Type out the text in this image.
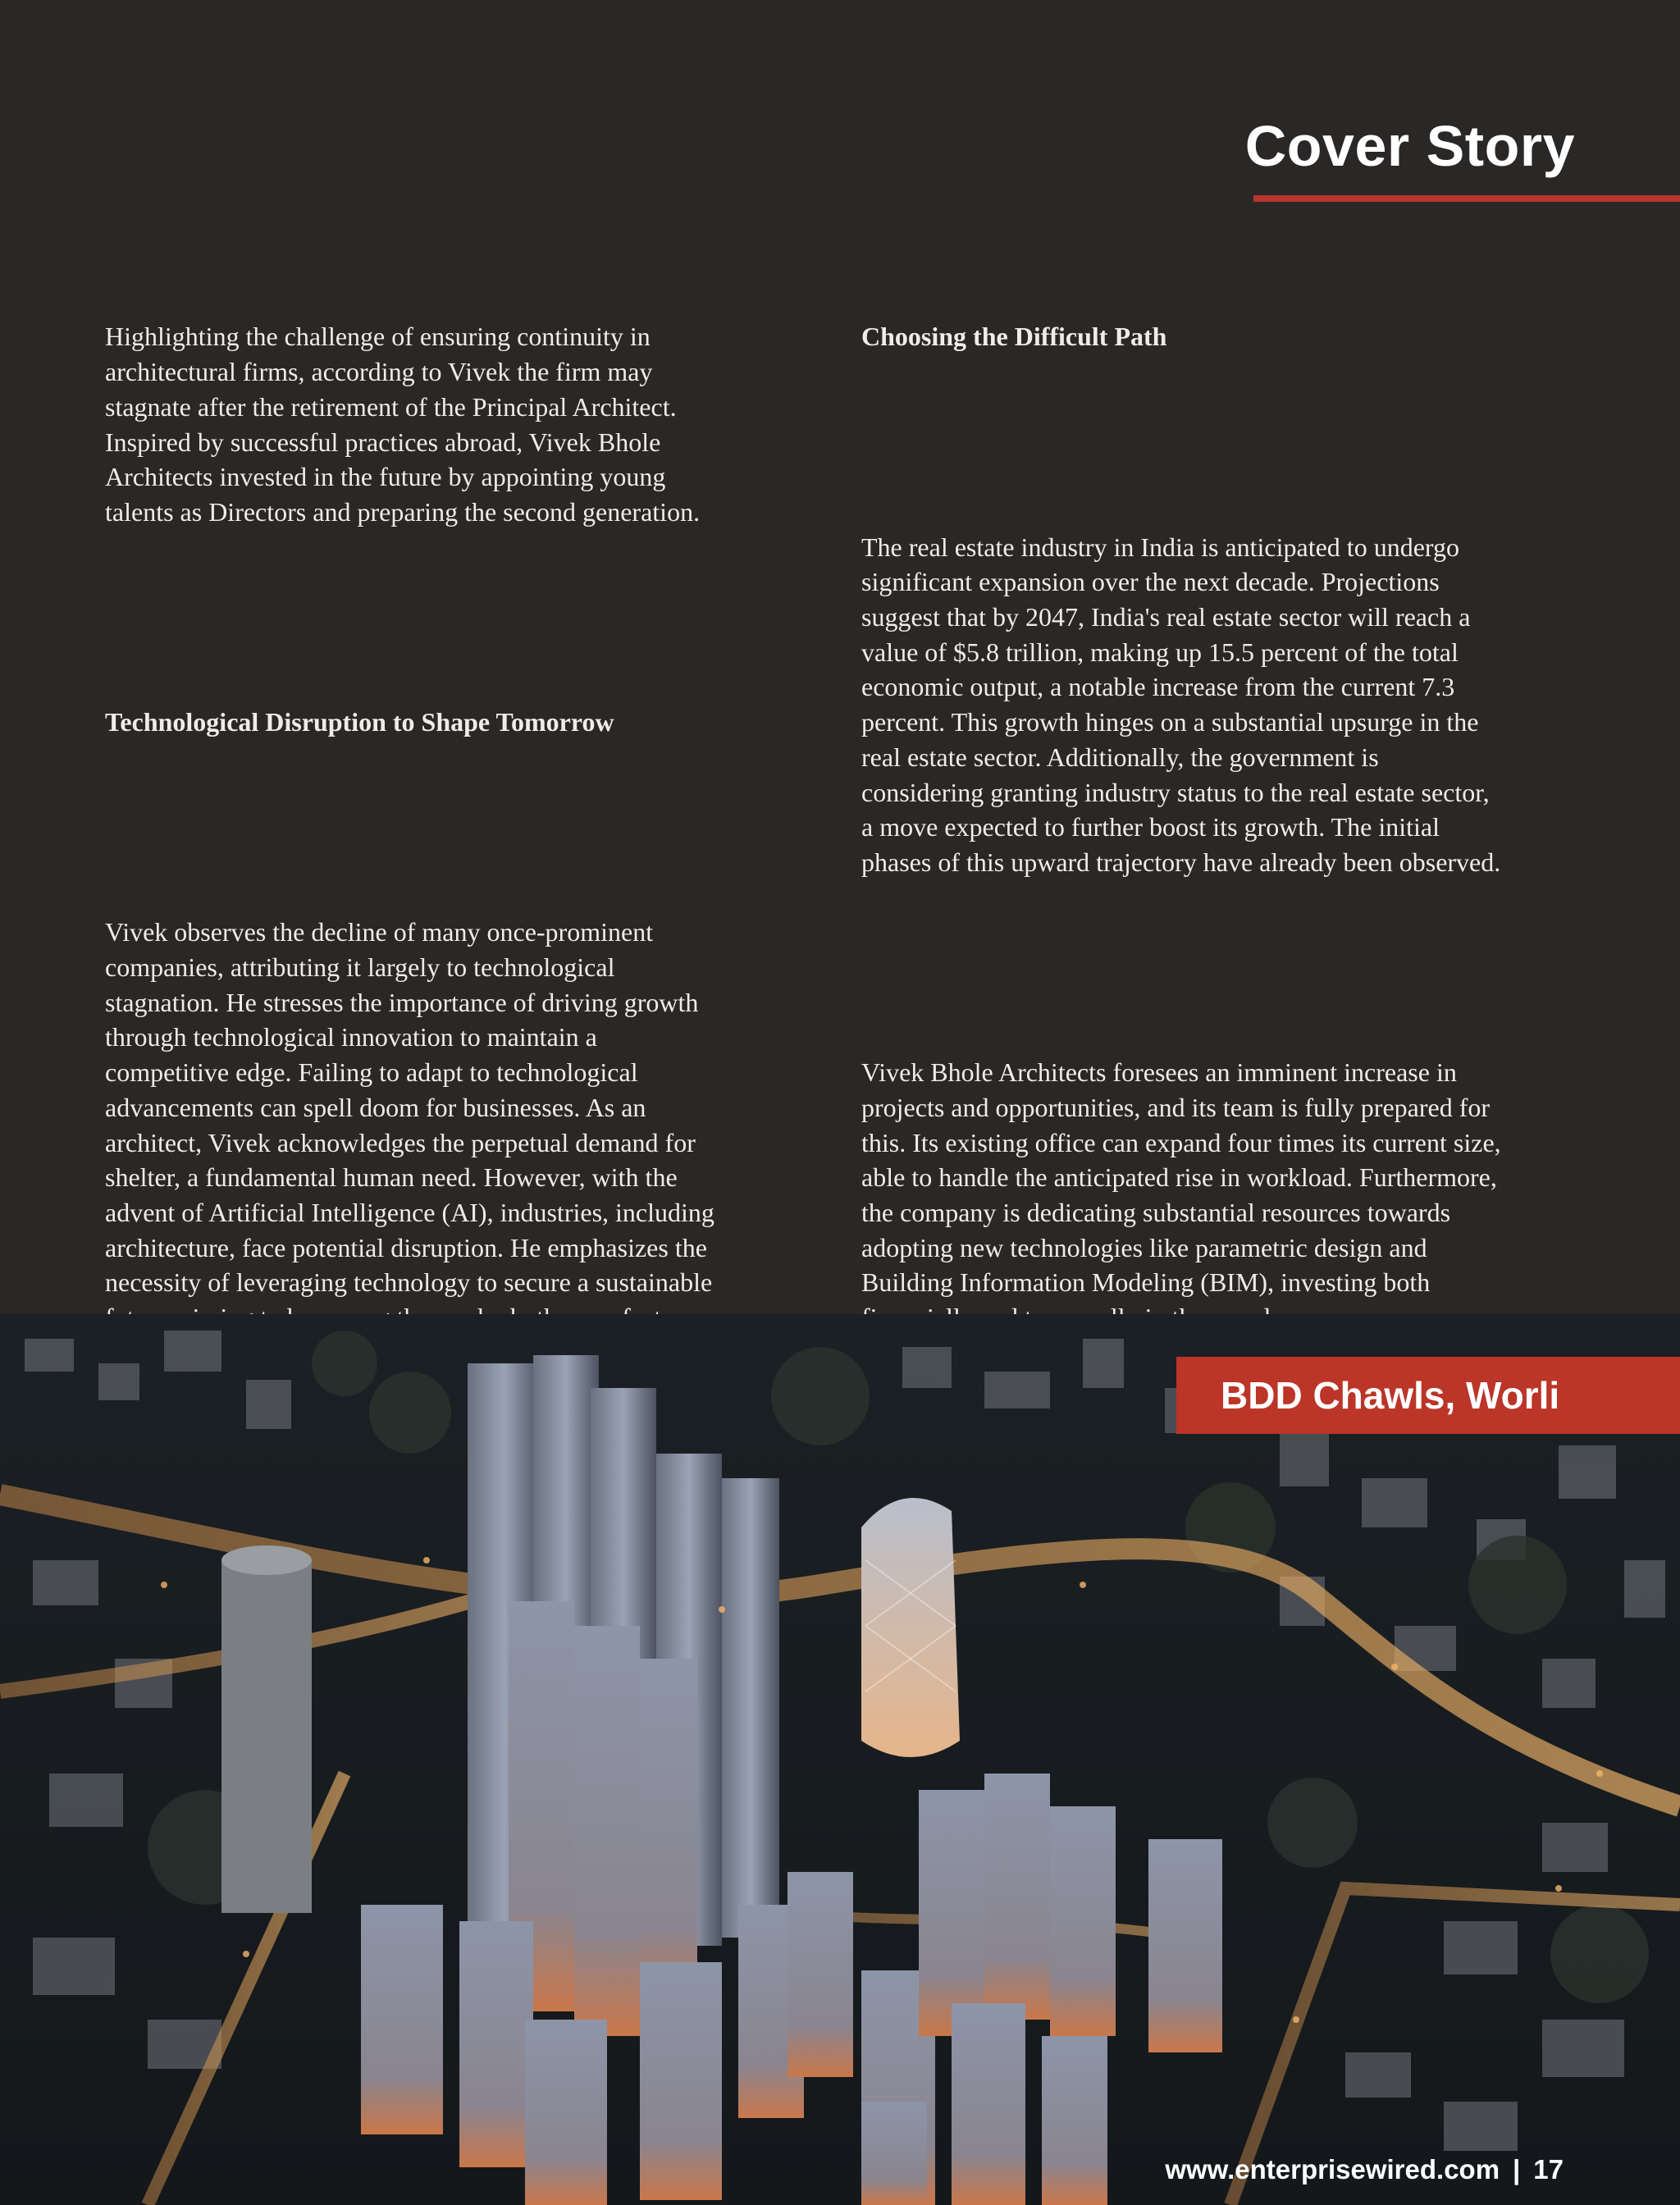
Cover Story

Highlighting the challenge of ensuring continuity in
architectural firms, according to Vivek the firm may
stagnate after the retirement of the Principal Architect.
Inspired by successful practices abroad, Vivek Bhole
Architects invested in the future by appointing young
talents as Directors and preparing the second generation.

Technological Disruption to Shape Tomorrow

Vivek observes the decline of many once-prominent
companies, attributing it largely to technological
stagnation. He stresses the importance of driving growth
through technological innovation to maintain a
competitive edge. Failing to adapt to technological
advancements can spell doom for businesses. As an
architect, Vivek acknowledges the perpetual demand for
shelter, a fundamental human need. However, with the
advent of Artificial Intelligence (AI), industries, including
architecture, face potential disruption. He emphasizes the
necessity of leveraging technology to secure a sustainable

Choosing the Difficult Path

The real estate industry in India is anticipated to undergo
significant expansion over the next decade. Projections
suggest that by 2047, India's real estate sector will reach a
value of $5.8 trillion, making up 15.5 percent of the total
economic output, a notable increase from the current 7.3
percent. This growth hinges on a substantial upsurge in the
real estate sector. Additionally, the government is
considering granting industry status to the real estate sector,
a move expected to further boost its growth. The initial
phases of this upward trajectory have already been observed.

Vivek Bhole Architects foresees an imminent increase in
projects and opportunities, and its team is fully prepared for
this. Its existing office can expand four times its current size,
able to handle the anticipated rise in workload. Furthermore,
the company is dedicating substantial resources towards
adopting new technologies like parametric design and
Building Information Modeling (BIM), investing both

BDD Chawls, Worli
www.enterprisewired.com | 17
